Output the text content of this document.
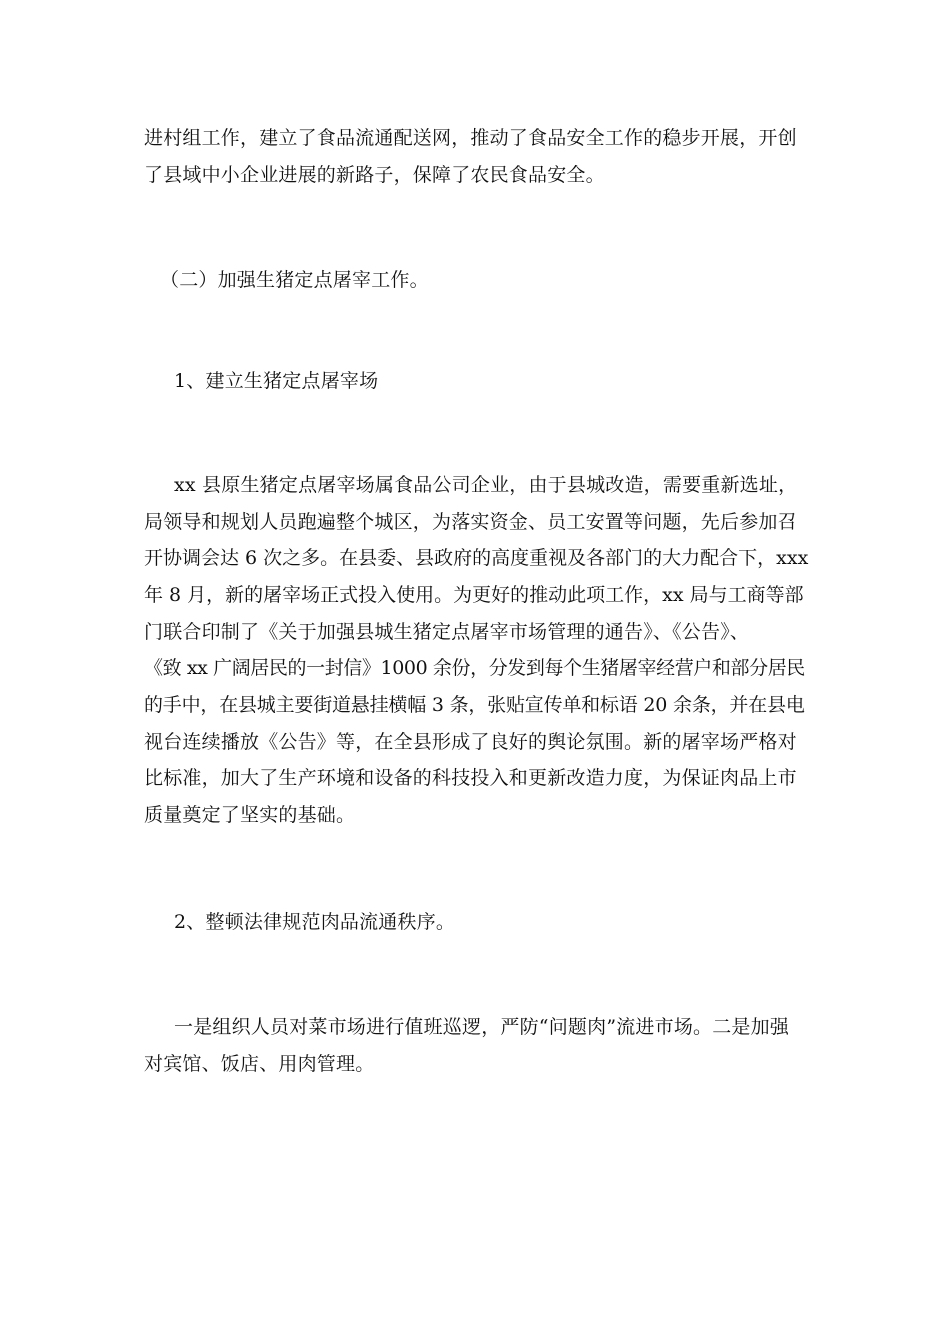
进村组工作，建立了食品流通配送网，推动了食品安全工作的稳步开展，开创
了县域中小企业进展的新路子，保障了农民食品安全。
（二）加强生猪定点屠宰工作。
1、建立生猪定点屠宰场
xx 县原生猪定点屠宰场属食品公司企业，由于县城改造，需要重新选址，
局领导和规划人员跑遍整个城区，为落实资金、员工安置等问题，先后参加召
开协调会达 6 次之多。在县委、县政府的高度重视及各部门的大力配合下，xxx
年 8 月，新的屠宰场正式投入使用。为更好的推动此项工作，xx 局与工商等部
门联合印制了《关于加强县城生猪定点屠宰市场管理的通告》、《公告》、
《致 xx 广阔居民的一封信》1000 余份，分发到每个生猪屠宰经营户和部分居民
的手中，在县城主要街道悬挂横幅 3 条，张贴宣传单和标语 20 余条，并在县电
视台连续播放《公告》等，在全县形成了良好的舆论氛围。新的屠宰场严格对
比标准，加大了生产环境和设备的科技投入和更新改造力度，为保证肉品上市
质量奠定了坚实的基础。
2、整顿法律规范肉品流通秩序。
一是组织人员对菜市场进行值班巡逻，严防“问题肉”流进市场。二是加强
对宾馆、饭店、用肉管理。
